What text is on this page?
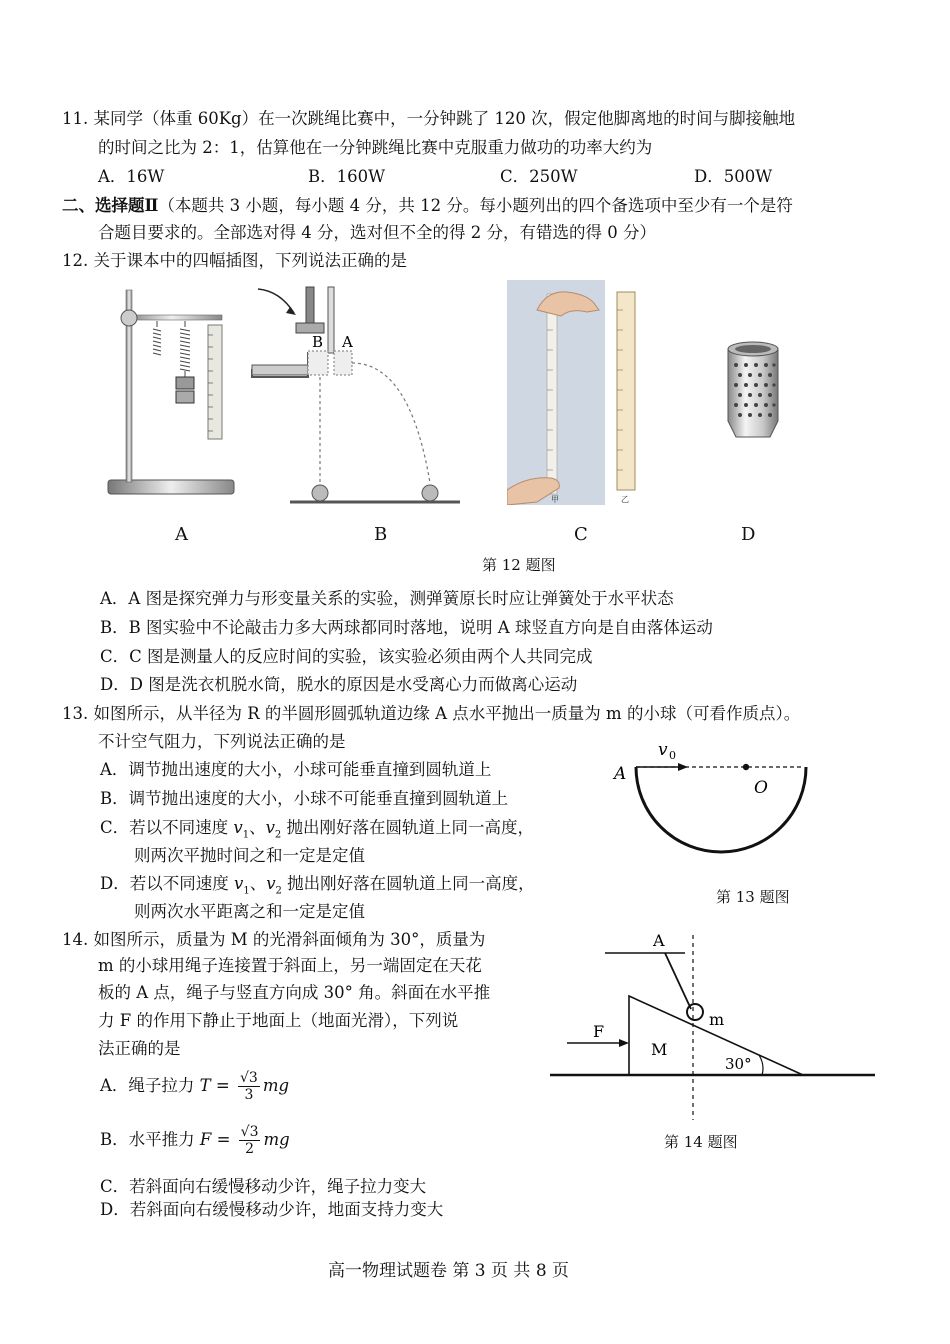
11. 某同学（体重 60Kg）在一次跳绳比赛中，一分钟跳了 120 次，假定他脚离地的时间与脚接触地
的时间之比为 2：1，估算他在一分钟跳绳比赛中克服重力做功的功率大约为
A．16W	B．160W	C．250W	D．500W
二、选择题Ⅱ（本题共 3 小题，每小题 4 分，共 12 分。每小题列出的四个备选项中至少有一个是符
合题目要求的。全部选对得 4 分，选对但不全的得 2 分，有错选的得 0 分）
12. 关于课本中的四幅插图，下列说法正确的是
B A
甲	乙
A	B	C	D
第 12 题图
A．A 图是探究弹力与形变量关系的实验，测弹簧原长时应让弹簧处于水平状态
B．B 图实验中不论敲击力多大两球都同时落地，说明 A 球竖直方向是自由落体运动
C．C 图是测量人的反应时间的实验，该实验必须由两个人共同完成
D．D 图是洗衣机脱水筒，脱水的原因是水受离心力而做离心运动
13. 如图所示，从半径为 R 的半圆形圆弧轨道边缘 A 点水平抛出一质量为 m 的小球（可看作质点）。
不计空气阻力，下列说法正确的是
A．调节抛出速度的大小，小球可能垂直撞到圆轨道上
B．调节抛出速度的大小，小球不可能垂直撞到圆轨道上
C．若以不同速度 $v_1$、$v_2$ 抛出刚好落在圆轨道上同一高度，
则两次平抛时间之和一定是定值
D．若以不同速度 $v_1$、$v_2$ 抛出刚好落在圆轨道上同一高度，
则两次水平距离之和一定是定值
A
O
v 0
第 13 题图
14. 如图所示，质量为 M 的光滑斜面倾角为 30°，质量为
m 的小球用绳子连接置于斜面上，另一端固定在天花
板的 A 点，绳子与竖直方向成 30° 角。斜面在水平推
力 F 的作用下静止于地面上（地面光滑），下列说
法正确的是
A．绳子拉力 $T = \frac{√3}{3}$ mg
B．水平推力 $F = \frac{√3}{2}$ mg
C．若斜面向右缓慢移动少许，绳子拉力变大
D．若斜面向右缓慢移动少许，地面支持力变大
A
m
F
M
30°
第 14 题图
高一物理试题卷 第 3 页 共 8 页
